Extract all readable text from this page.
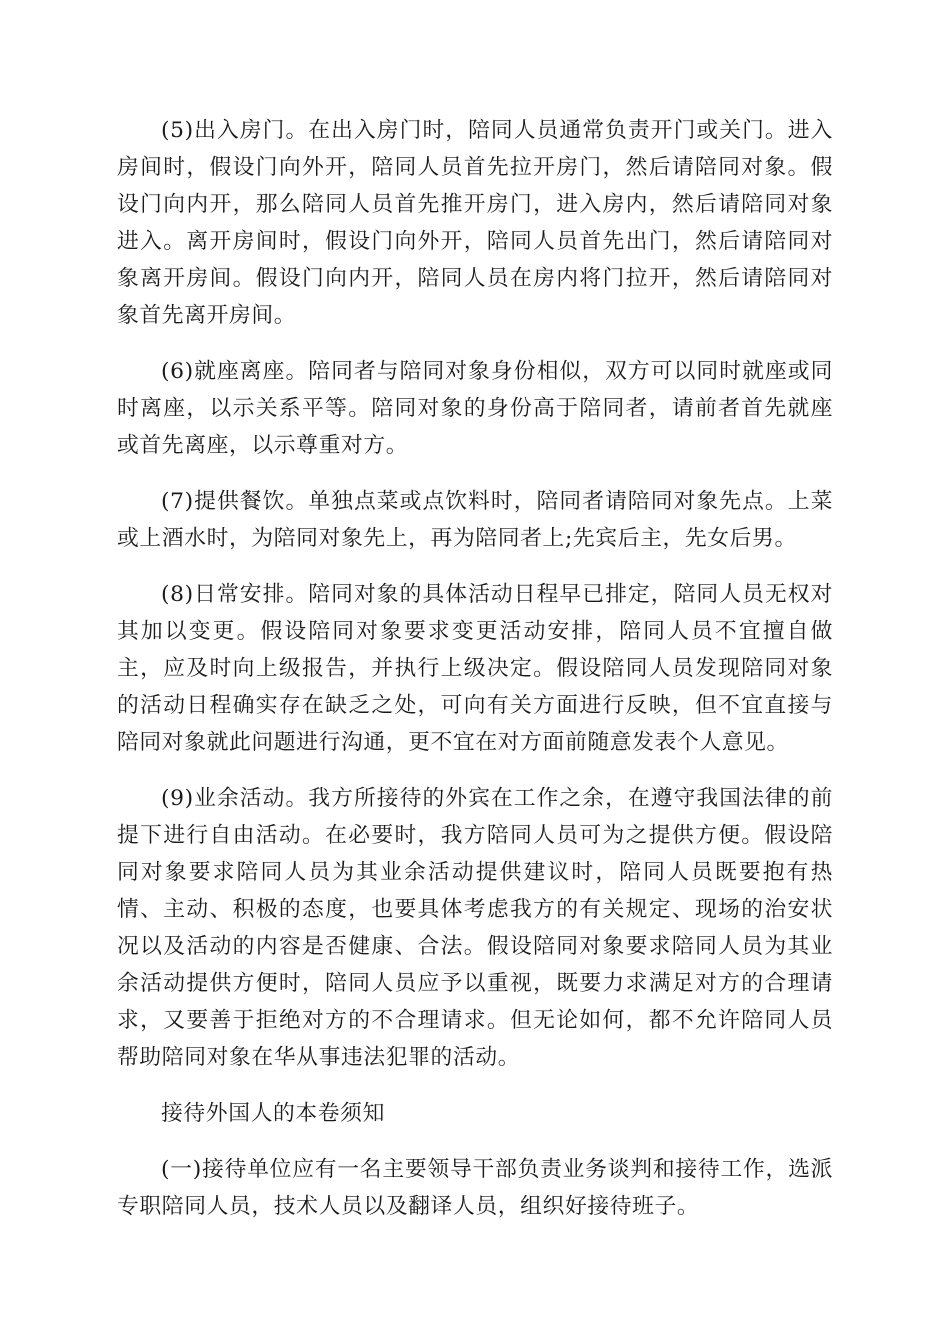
(5)出入房门。在出入房门时，陪同人员通常负责开门或关门。进入房间时，假设门向外开，陪同人员首先拉开房门，然后请陪同对象。假设门向内开，那么陪同人员首先推开房门，进入房内，然后请陪同对象进入。离开房间时，假设门向外开，陪同人员首先出门，然后请陪同对象离开房间。假设门向内开，陪同人员在房内将门拉开，然后请陪同对象首先离开房间。

(6)就座离座。陪同者与陪同对象身份相似，双方可以同时就座或同时离座，以示关系平等。陪同对象的身份高于陪同者，请前者首先就座或首先离座，以示尊重对方。

(7)提供餐饮。单独点菜或点饮料时，陪同者请陪同对象先点。上菜或上酒水时，为陪同对象先上，再为陪同者上;先宾后主，先女后男。

(8)日常安排。陪同对象的具体活动日程早已排定，陪同人员无权对其加以变更。假设陪同对象要求变更活动安排，陪同人员不宜擅自做主，应及时向上级报告，并执行上级决定。假设陪同人员发现陪同对象的活动日程确实存在缺乏之处，可向有关方面进行反映，但不宜直接与陪同对象就此问题进行沟通，更不宜在对方面前随意发表个人意见。

(9)业余活动。我方所接待的外宾在工作之余，在遵守我国法律的前提下进行自由活动。在必要时，我方陪同人员可为之提供方便。假设陪同对象要求陪同人员为其业余活动提供建议时，陪同人员既要抱有热情、主动、积极的态度，也要具体考虑我方的有关规定、现场的治安状况以及活动的内容是否健康、合法。假设陪同对象要求陪同人员为其业余活动提供方便时，陪同人员应予以重视，既要力求满足对方的合理请求，又要善于拒绝对方的不合理请求。但无论如何，都不允许陪同人员帮助陪同对象在华从事违法犯罪的活动。

接待外国人的本卷须知

(一)接待单位应有一名主要领导干部负责业务谈判和接待工作，选派专职陪同人员，技术人员以及翻译人员，组织好接待班子。
